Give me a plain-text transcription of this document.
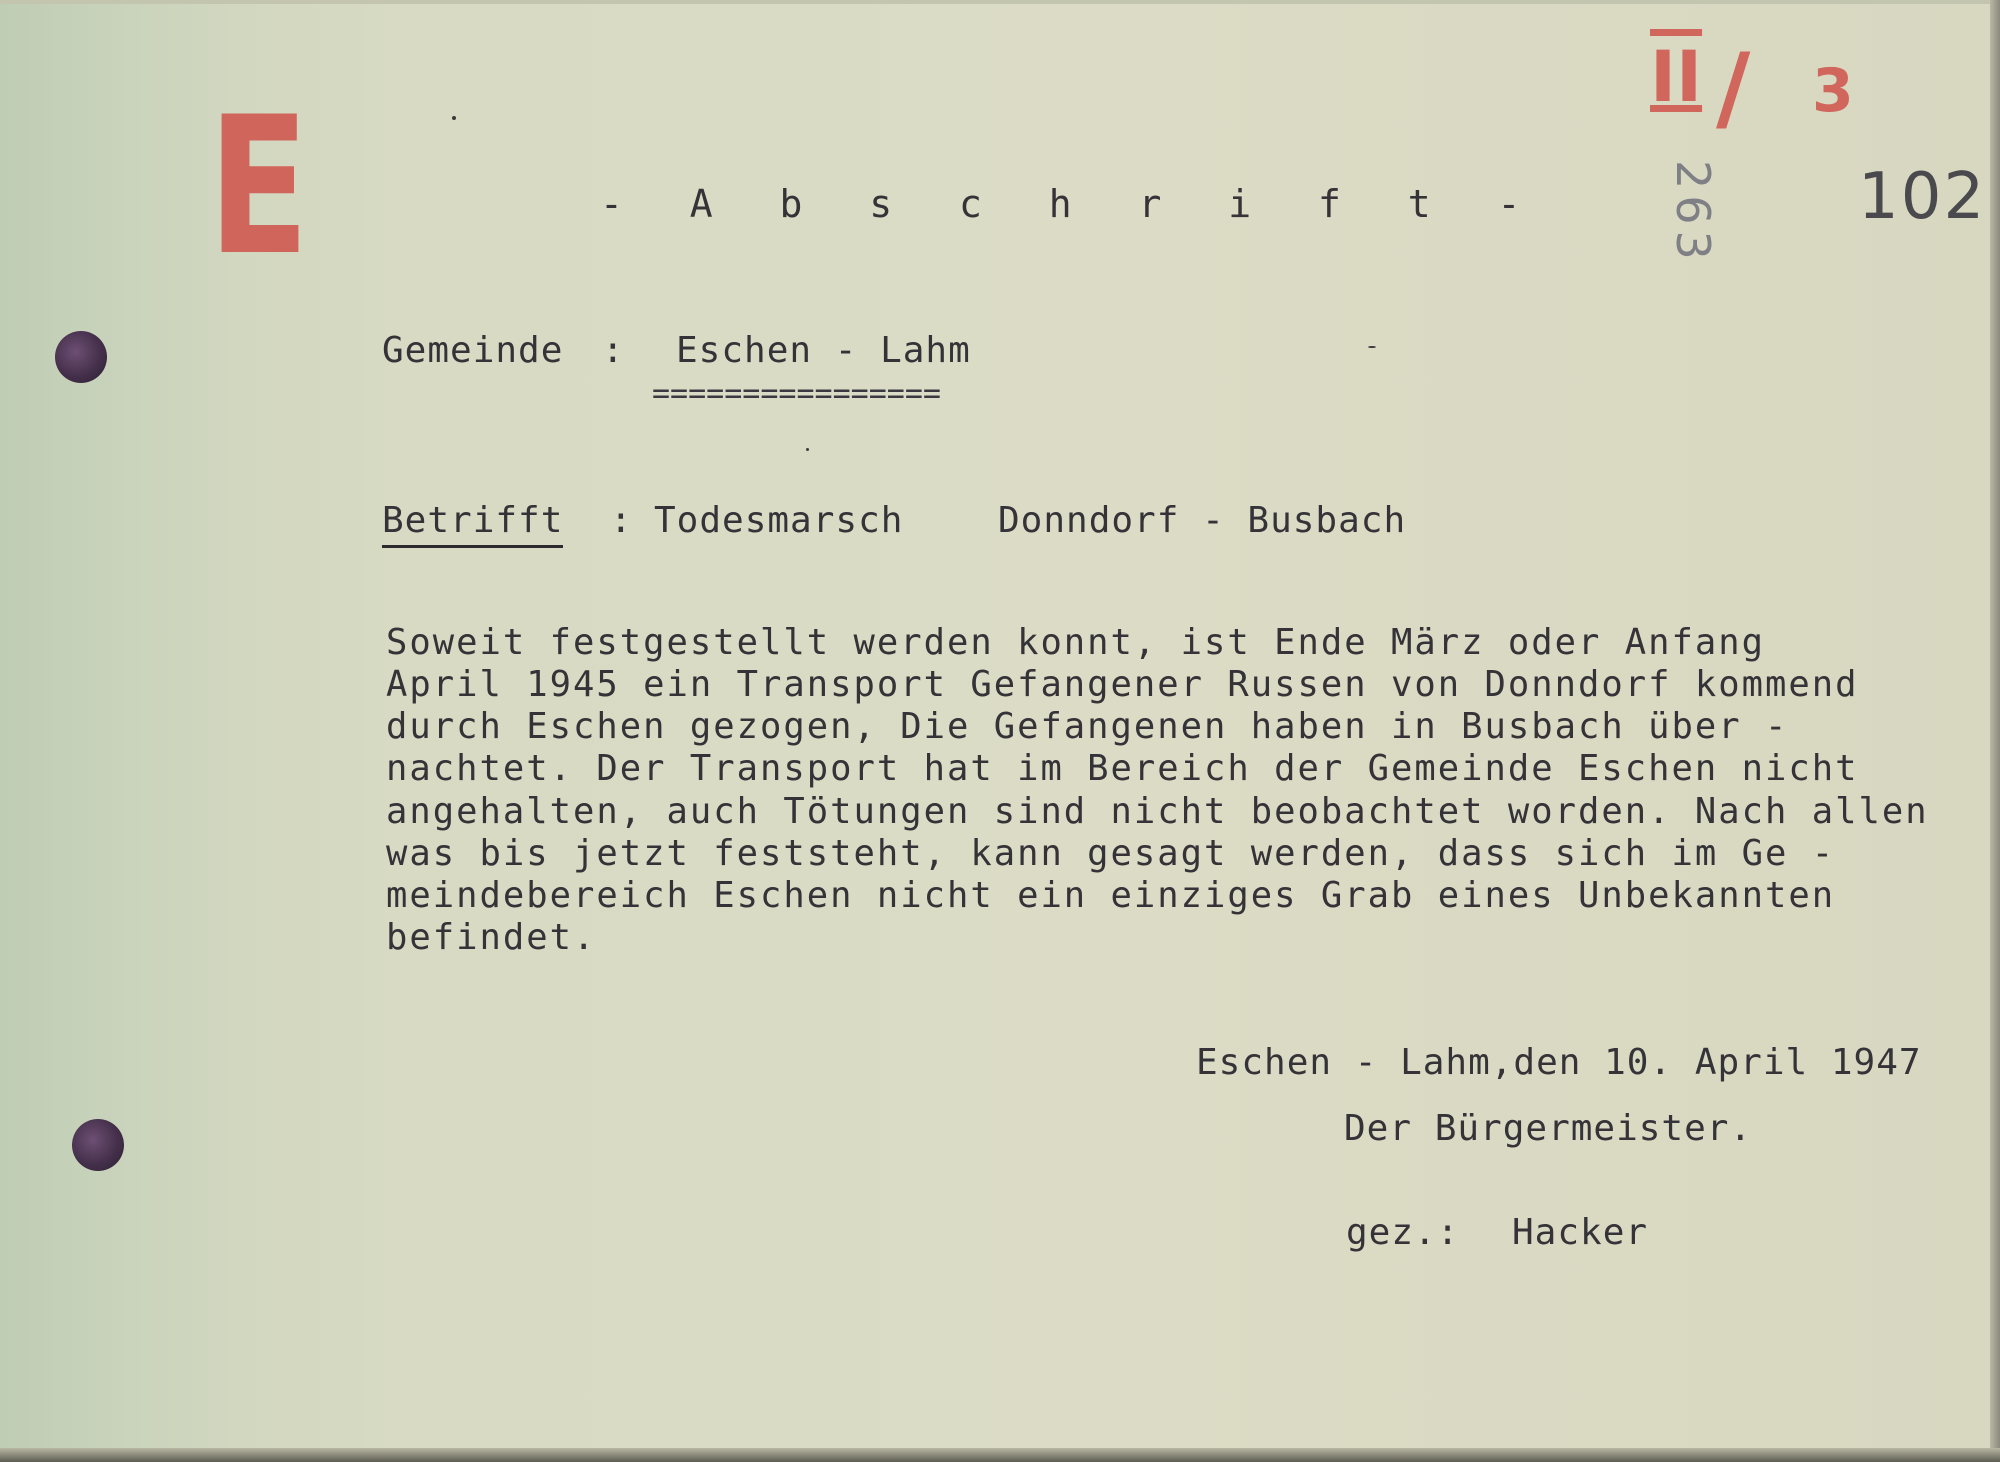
E	II / 3
263 102
- A b s c h r i f t -
Gemeinde : Eschen - Lahm
================
Betrifft : Todesmarsch	Donndorf - Busbach
Soweit festgestellt werden konnt, ist Ende März oder Anfang
April 1945 ein Transport Gefangener Russen von Donndorf kommend
durch Eschen gezogen, Die Gefangenen haben in Busbach über -
nachtet. Der Transport hat im Bereich der Gemeinde Eschen nicht
angehalten, auch Tötungen sind nicht beobachtet worden. Nach allen
was bis jetzt feststeht, kann gesagt werden, dass sich im Ge -
meindebereich Eschen nicht ein einziges Grab eines Unbekannten
befindet.
Eschen - Lahm,den 10. April 1947
Der Bürgermeister.
gez.: Hacker
